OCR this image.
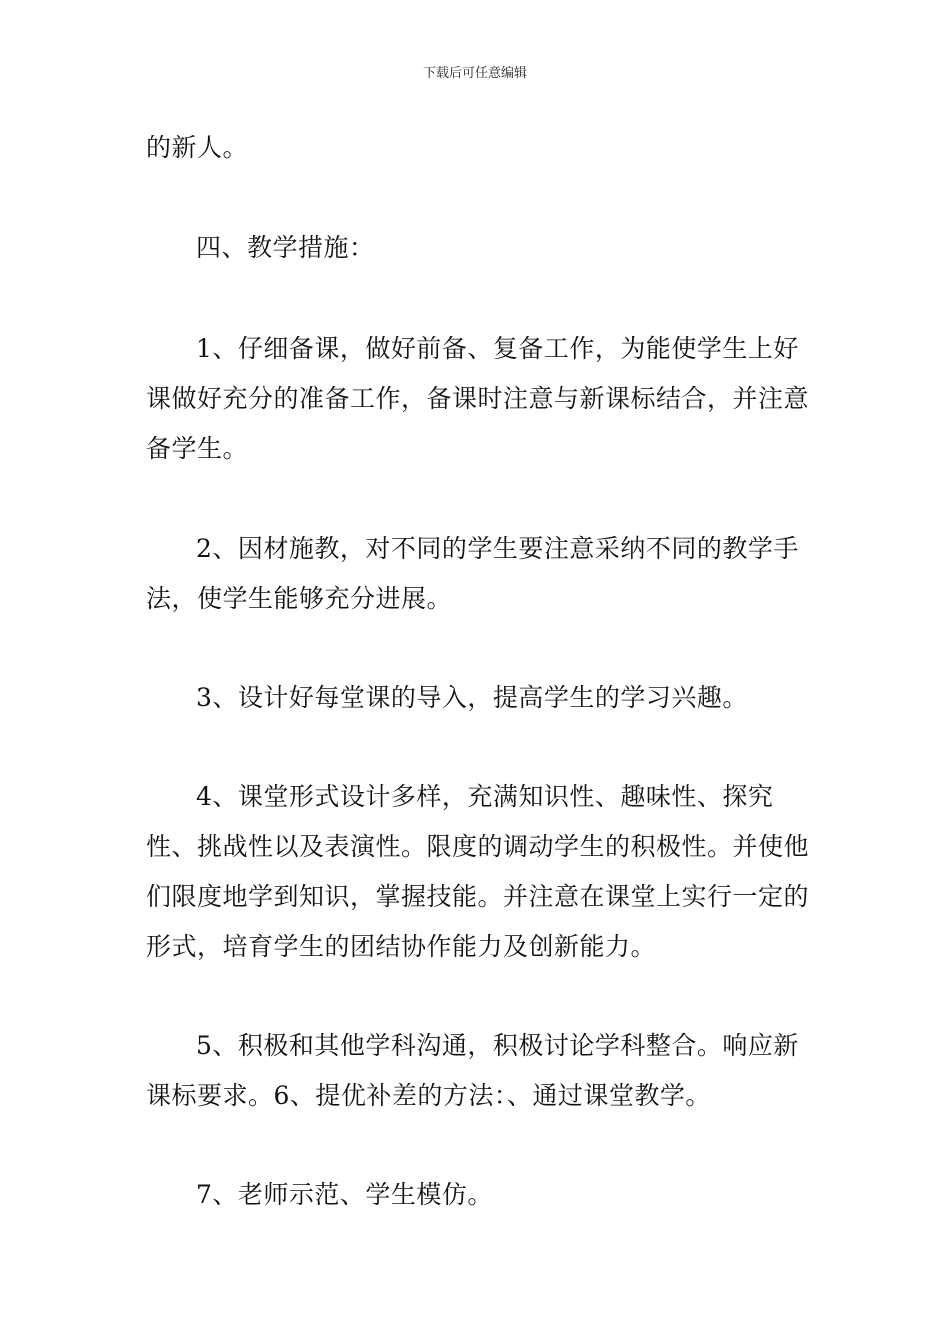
下载后可任意编辑

的新人。

四、教学措施：

1、仔细备课，做好前备、复备工作，为能使学生上好课做好充分的准备工作，备课时注意与新课标结合，并注意备学生。

2、因材施教，对不同的学生要注意采纳不同的教学手法，使学生能够充分进展。

3、设计好每堂课的导入，提高学生的学习兴趣。

4、课堂形式设计多样，充满知识性、趣味性、探究性、挑战性以及表演性。限度的调动学生的积极性。并使他们限度地学到知识，掌握技能。并注意在课堂上实行一定的形式，培育学生的团结协作能力及创新能力。

5、积极和其他学科沟通，积极讨论学科整合。响应新课标要求。6、提优补差的方法：、通过课堂教学。

7、老师示范、学生模仿。
